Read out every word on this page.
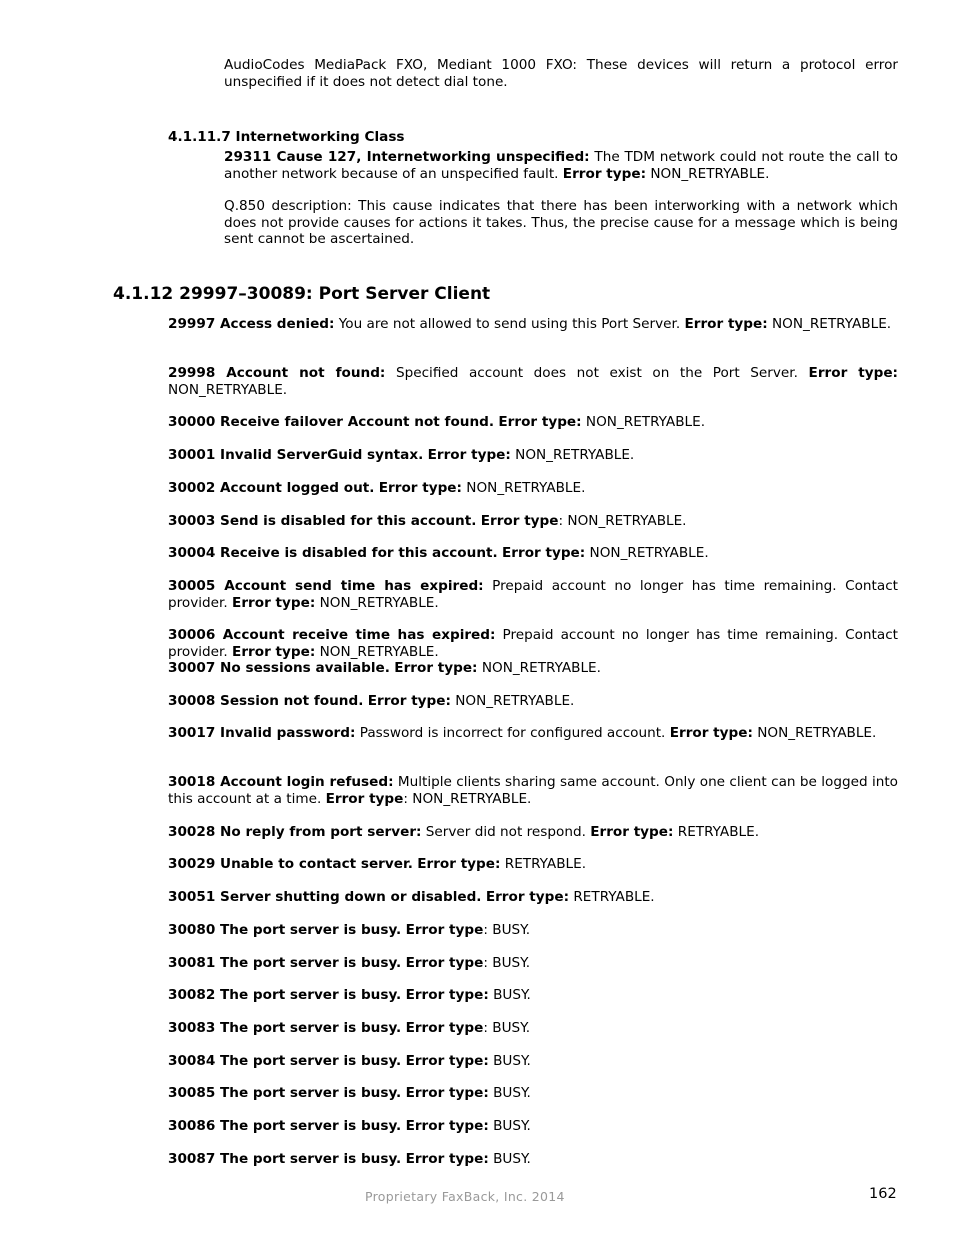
AudioCodes MediaPack FXO, Mediant 1000 FXO: These devices will return a protocol error unspecified if it does not detect dial tone.
4.1.11.7 Internetworking Class
29311 Cause 127, Internetworking unspecified: The TDM network could not route the call to another network because of an unspecified fault. Error type: NON_RETRYABLE.
Q.850 description: This cause indicates that there has been interworking with a network which does not provide causes for actions it takes. Thus, the precise cause for a message which is being sent cannot be ascertained.
4.1.12 29997–30089: Port Server Client
29997 Access denied: You are not allowed to send using this Port Server. Error type: NON_RETRYABLE.
29998 Account not found: Specified account does not exist on the Port Server. Error type: NON_RETRYABLE.
30000 Receive failover Account not found. Error type: NON_RETRYABLE.
30001 Invalid ServerGuid syntax. Error type: NON_RETRYABLE.
30002 Account logged out. Error type: NON_RETRYABLE.
30003 Send is disabled for this account. Error type: NON_RETRYABLE.
30004 Receive is disabled for this account. Error type: NON_RETRYABLE.
30005 Account send time has expired: Prepaid account no longer has time remaining. Contact provider. Error type: NON_RETRYABLE.
30006 Account receive time has expired: Prepaid account no longer has time remaining. Contact provider. Error type: NON_RETRYABLE.
30007 No sessions available. Error type: NON_RETRYABLE.
30008 Session not found. Error type: NON_RETRYABLE.
30017 Invalid password: Password is incorrect for configured account. Error type: NON_RETRYABLE.
30018 Account login refused: Multiple clients sharing same account. Only one client can be logged into this account at a time. Error type: NON_RETRYABLE.
30028 No reply from port server: Server did not respond. Error type: RETRYABLE.
30029 Unable to contact server. Error type: RETRYABLE.
30051 Server shutting down or disabled. Error type: RETRYABLE.
30080 The port server is busy. Error type: BUSY.
30081 The port server is busy. Error type: BUSY.
30082 The port server is busy. Error type: BUSY.
30083 The port server is busy. Error type: BUSY.
30084 The port server is busy. Error type: BUSY.
30085 The port server is busy. Error type: BUSY.
30086 The port server is busy. Error type: BUSY.
30087 The port server is busy. Error type: BUSY.
Proprietary FaxBack, Inc. 2014	162
